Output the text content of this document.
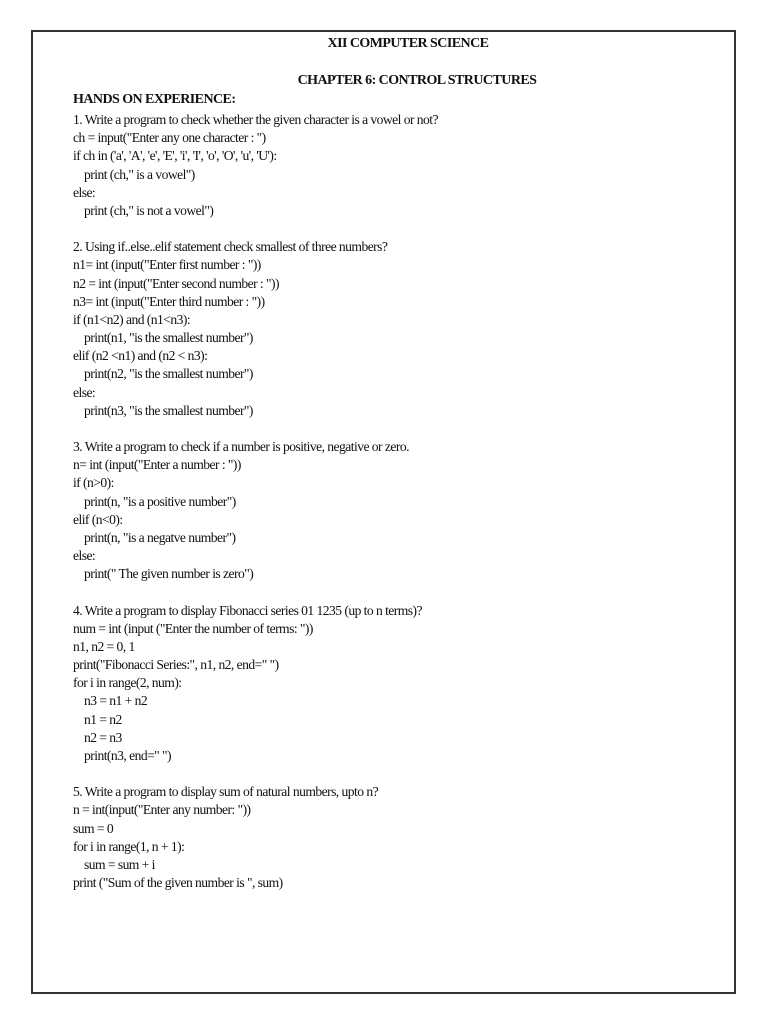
XII COMPUTER SCIENCE
CHAPTER 6: CONTROL STRUCTURES
HANDS ON EXPERIENCE:
1. Write a program to check whether the given character is a vowel or not?
ch = input("Enter any one character : ")
if ch in ('a', 'A', 'e', 'E', 'i', 'I', 'o', 'O', 'u', 'U'):
print (ch," is a vowel")
else:
print (ch," is not a vowel")
2. Using if..else..elif statement check smallest of three numbers?
n1= int (input("Enter first number : "))
n2 = int (input("Enter second number : "))
n3= int (input("Enter third number : "))
if (n1<n2) and (n1<n3):
print(n1, "is the smallest number")
elif (n2 <n1) and (n2 < n3):
print(n2, "is the smallest number")
else:
print(n3, "is the smallest number")
3. Write a program to check if a number is positive, negative or zero.
n= int (input("Enter a number : "))
if (n>0):
print(n, "is a positive number")
elif (n<0):
print(n, "is a negatve number")
else:
print(" The given number is zero")
4. Write a program to display Fibonacci series 01 1235 (up to n terms)?
num = int (input ("Enter the number of terms: "))
n1, n2 = 0, 1
print("Fibonacci Series:", n1, n2, end=" ")
for i in range(2, num):
n3 = n1 + n2
n1 = n2
n2 = n3
print(n3, end=" ")
5. Write a program to display sum of natural numbers, upto n?
n = int(input("Enter any number: "))
sum = 0
for i in range(1, n + 1):
sum = sum + i
print ("Sum of the given number is ", sum)
